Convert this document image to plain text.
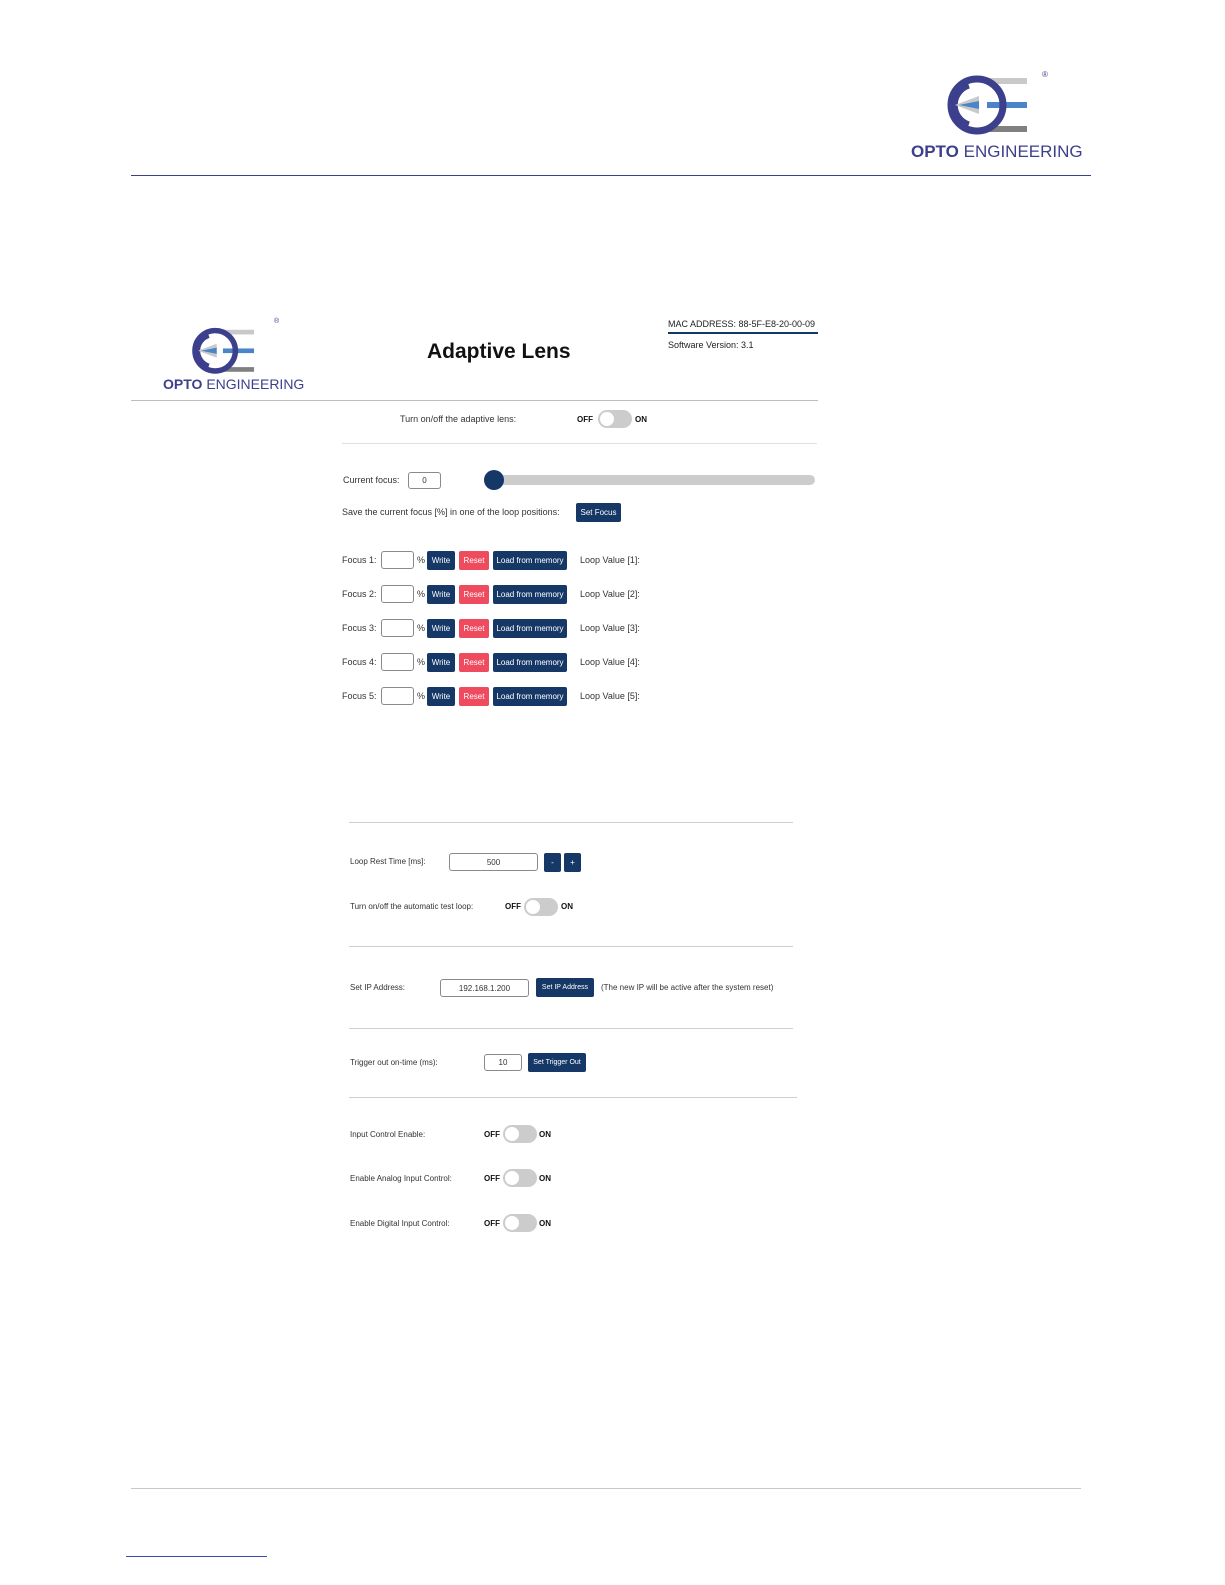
®
OPTO ENGINEERING
®
OPTO ENGINEERING
Adaptive Lens
MAC ADDRESS: 88-5F-E8-20-00-09
Software Version: 3.1
Turn on/off the adaptive lens:	OFF	ON
Current focus:
0
Save the current focus [%] in one of the loop positions:	Set Focus
Focus 1:	% Write	Reset	Load from memory	Loop Value [1]:
Focus 2:	% Write	Reset	Load from memory	Loop Value [2]:
Focus 3:	% Write	Reset	Load from memory	Loop Value [3]:
Focus 4:	% Write	Reset	Load from memory	Loop Value [4]:
Focus 5:	% Write	Reset	Load from memory	Loop Value [5]:
Loop Rest Time [ms]:
500	-	+
Turn on/off the automatic test loop:	OFF	ON
Set IP Address:
192.168.1.200	Set IP Address	(The new IP will be active after the system reset)
Trigger out on-time (ms):
10	Set Trigger Out
Input Control Enable:	OFF	ON
Enable Analog Input Control:	OFF	ON
Enable Digital Input Control:	OFF	ON
